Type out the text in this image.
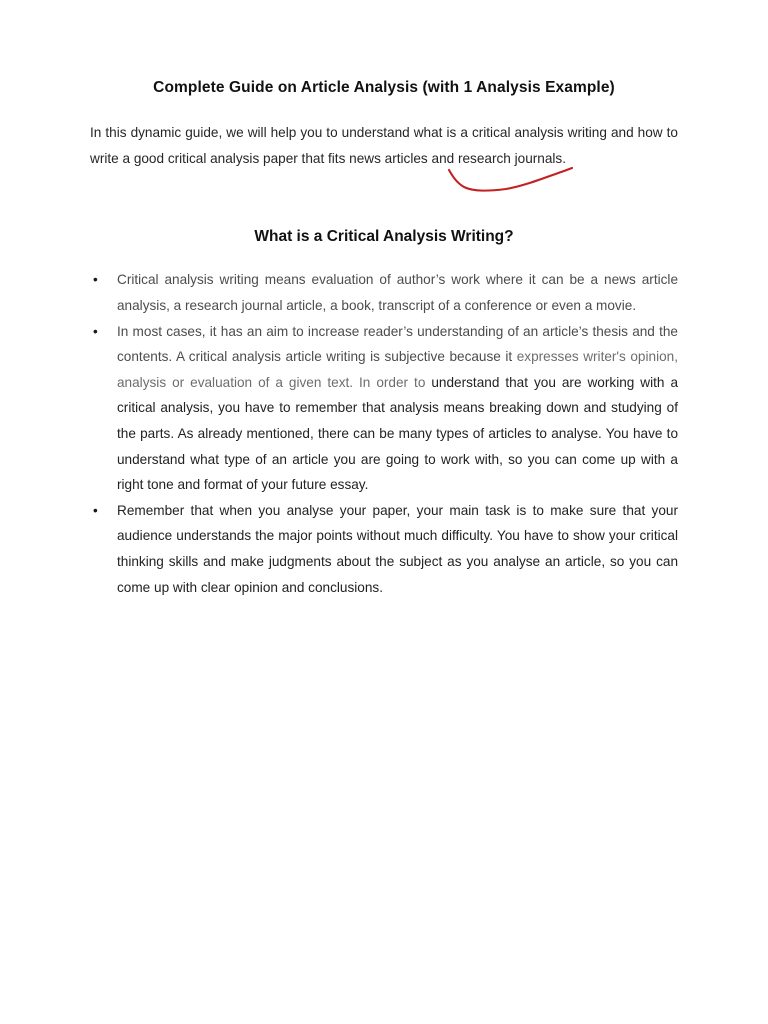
Complete Guide on Article Analysis (with 1 Analysis Example)

In this dynamic guide, we will help you to understand what is a critical analysis writing and how to write a good critical analysis paper that fits news articles and research journals.

What is a Critical Analysis Writing?
•	Critical analysis writing means evaluation of author’s work where it can be a news article analysis, a research journal article, a book, transcript of a conference or even a movie.
•	In most cases, it has an aim to increase reader’s understanding of an article’s thesis and the contents. A critical analysis article writing is subjective because it expresses writer's opinion, analysis or evaluation of a given text. In order to understand that you are working with a critical analysis, you have to remember that analysis means breaking down and studying of the parts. As already mentioned, there can be many types of articles to analyse. You have to understand what type of an article you are going to work with, so you can come up with a right tone and format of your future essay.
•	Remember that when you analyse your paper, your main task is to make sure that your audience understands the major points without much difficulty. You have to show your critical thinking skills and make judgments about the subject as you analyse an article, so you can come up with clear opinion and conclusions.
